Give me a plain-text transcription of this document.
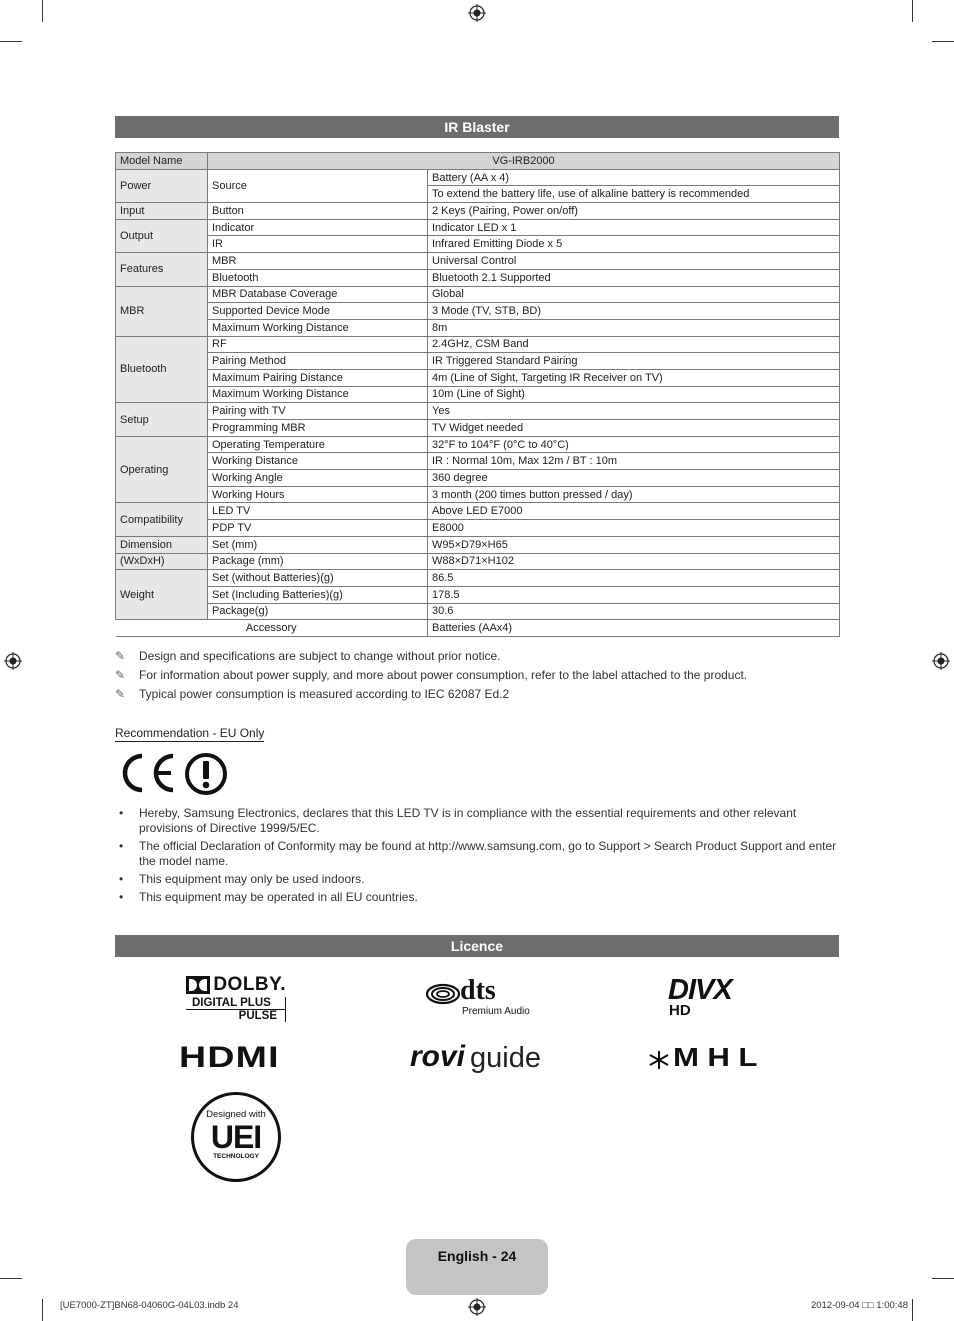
IR Blaster
Model Name	VG-IRB2000	
Power	Source	Battery (AA x 4)
		To extend the battery life, use of alkaline battery is recommended
Input	Button	2 Keys (Pairing, Power on/off)
Output	Indicator	Indicator LED x 1
	IR	Infrared Emitting Diode x 5
Features	MBR	Universal Control
	Bluetooth	Bluetooth 2.1 Supported
MBR	MBR Database Coverage	Global
	Supported Device Mode	3 Mode (TV, STB, BD)
	Maximum Working Distance	8m
Bluetooth	RF	2.4GHz, CSM Band
	Pairing Method	IR Triggered Standard Pairing
	Maximum Pairing Distance	4m (Line of Sight, Targeting IR Receiver on TV)
	Maximum Working Distance	10m (Line of Sight)
Setup	Pairing with TV	Yes
	Programming MBR	TV Widget needed
Operating	Operating Temperature	32°F to 104°F (0°C to 40°C)
	Working Distance	IR : Normal 10m, Max 12m / BT : 10m
	Working Angle	360 degree
	Working Hours	3 month (200 times button pressed / day)
Compatibility	LED TV	Above LED E7000
	PDP TV	E8000
Dimension	Set (mm)	W95×D79×H65
(WxDxH)	Package (mm)	W88×D71×H102
Weight	Set (without Batteries)(g)	86.5
	Set (Including Batteries)(g)	178.5
	Package(g)	30.6
Accessory		Batteries (AAx4)
✎ Design and specifications are subject to change without prior notice.
✎ For information about power supply, and more about power consumption, refer to the label attached to the product.
✎ Typical power consumption is measured according to IEC 62087 Ed.2
Recommendation - EU Only
• Hereby, Samsung Electronics, declares that this LED TV is in compliance with the essential requirements and other relevant provisions of Directive 1999/5/EC.
• The official Declaration of Conformity may be found at http://www.samsung.com, go to Support > Search Product Support and enter the model name.
• This equipment may only be used indoors.
• This equipment may be operated in all EU countries.
Licence
DOLBY.
DIGITAL PLUS
PULSE
dts
Premium Audio
DIVX
HD
HDMI	rovi guide	MHL
Designed with
UEI
TECHNOLOGY
English - 24
[UE7000-ZT]BN68-04060G-04L03.indb 24	2012-09-04 □□ 1:00:48
